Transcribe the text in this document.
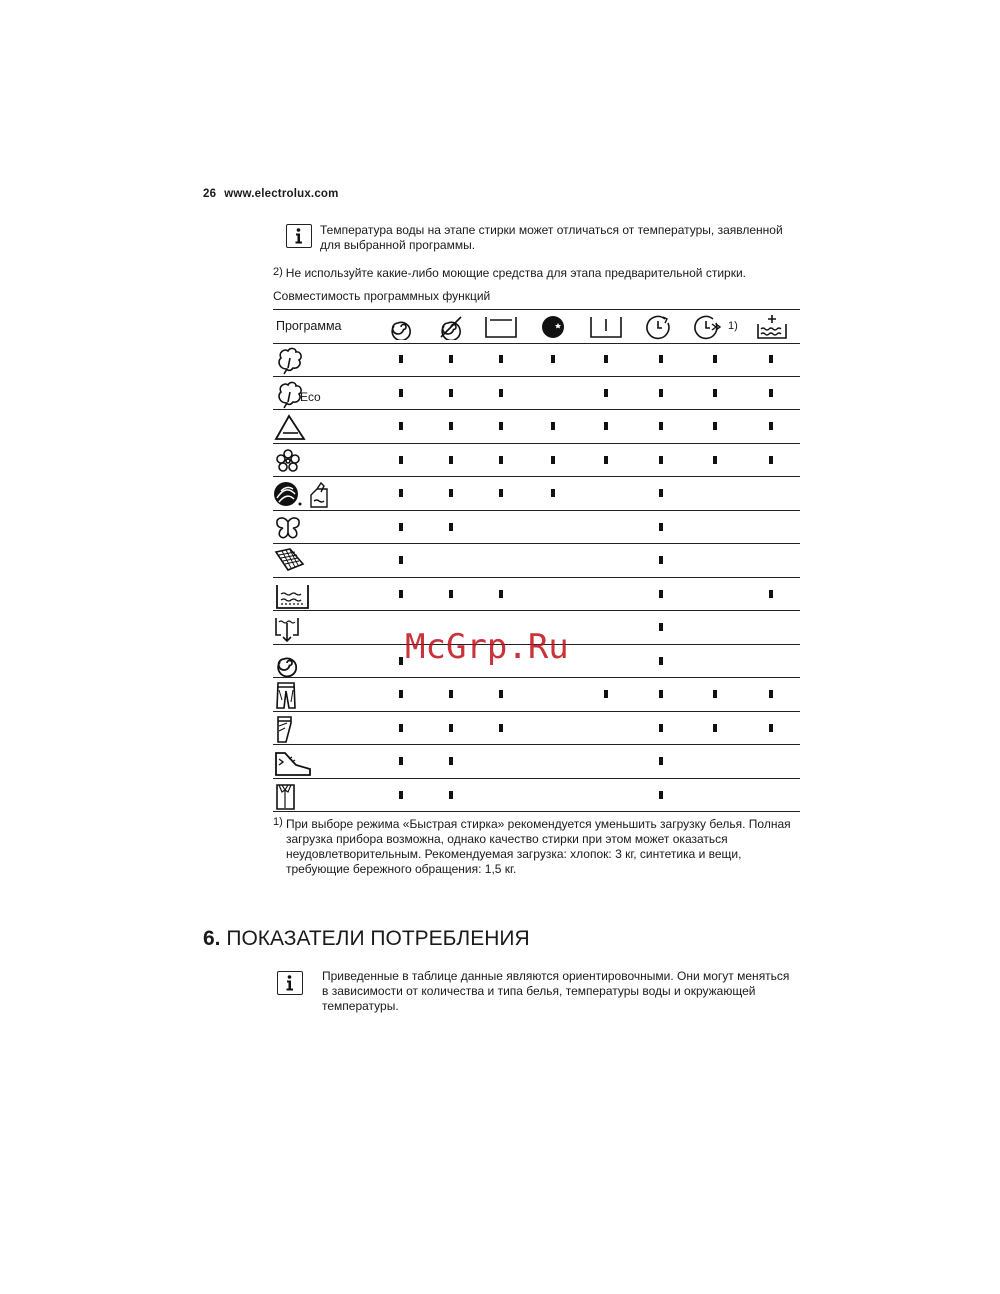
26 www.electrolux.com
Температура воды на этапе стирки может отличаться от температуры, заявленной для выбранной программы.
$^{2)}$ Не используйте какие-либо моющие средства для этапа предварительной стирки.
Совместимость программных функций
Программа	1)
Eco
1) При выборе режима «Быстрая стирка» рекомендуется уменьшить загрузку белья. Полная загрузка прибора возможна, однако качество стирки при этом может оказаться неудовлетворительным. Рекомендуемая загрузка: хлопок: 3 кг, синтетика и вещи, требующие бережного обращения: 1,5 кг.
McGrp.Ru
6. ПОКАЗАТЕЛИ ПОТРЕБЛЕНИЯ
Приведенные в таблице данные являются ориентировочными. Они могут меняться в зависимости от количества и типа белья, температуры воды и окружающей температуры.
